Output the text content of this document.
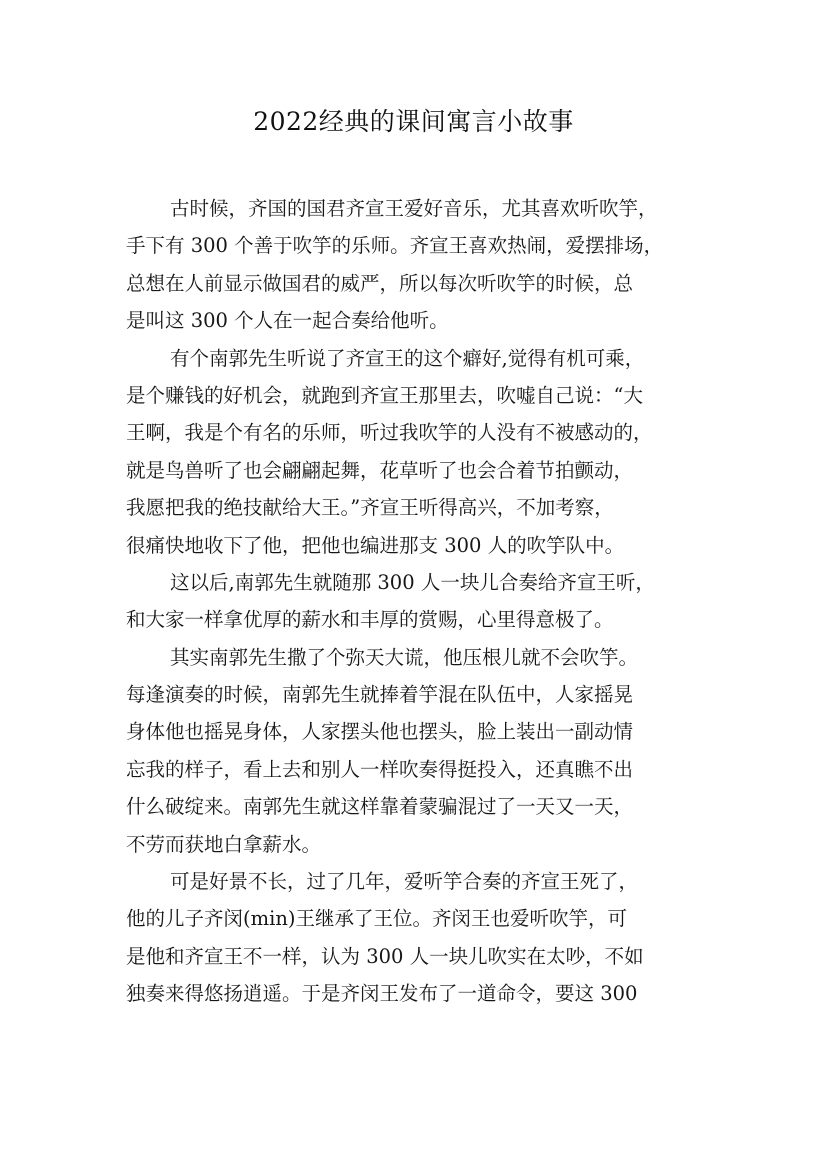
2022经典的课间寓言小故事
古时候，齐国的国君齐宣王爱好音乐，尤其喜欢听吹竽，
手下有 300 个善于吹竽的乐师。齐宣王喜欢热闹，爱摆排场，
总想在人前显示做国君的威严，所以每次听吹竽的时候，总
是叫这 300 个人在一起合奏给他听。
有个南郭先生听说了齐宣王的这个癖好,觉得有机可乘，
是个赚钱的好机会，就跑到齐宣王那里去，吹嘘自己说：“大
王啊，我是个有名的乐师，听过我吹竽的人没有不被感动的，
就是鸟兽听了也会翩翩起舞，花草听了也会合着节拍颤动，
我愿把我的绝技献给大王。”齐宣王听得高兴，不加考察，
很痛快地收下了他，把他也编进那支 300 人的吹竽队中。
这以后,南郭先生就随那 300 人一块儿合奏给齐宣王听，
和大家一样拿优厚的薪水和丰厚的赏赐，心里得意极了。
其实南郭先生撒了个弥天大谎，他压根儿就不会吹竽。
每逢演奏的时候，南郭先生就捧着竽混在队伍中，人家摇晃
身体他也摇晃身体，人家摆头他也摆头，脸上装出一副动情
忘我的样子，看上去和别人一样吹奏得挺投入，还真瞧不出
什么破绽来。南郭先生就这样靠着蒙骗混过了一天又一天，
不劳而获地白拿薪水。
可是好景不长，过了几年，爱听竽合奏的齐宣王死了，
他的儿子齐闵(min)王继承了王位。齐闵王也爱听吹竽，可
是他和齐宣王不一样，认为 300 人一块儿吹实在太吵，不如
独奏来得悠扬逍遥。于是齐闵王发布了一道命令，要这 300
